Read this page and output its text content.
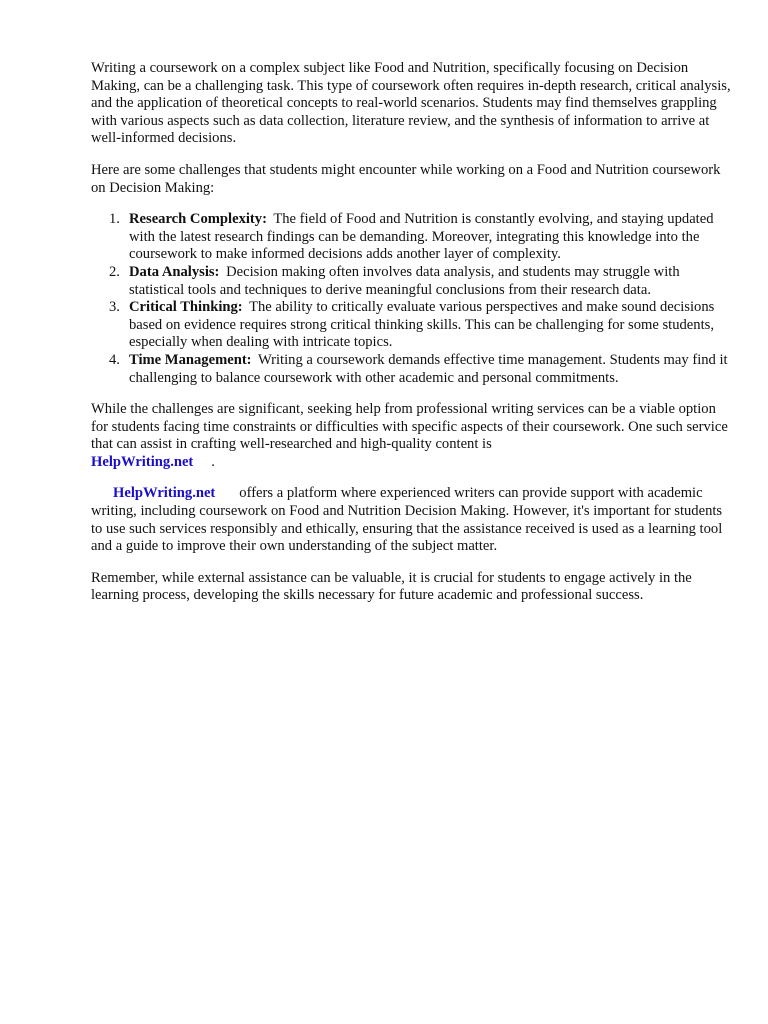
Writing a coursework on a complex subject like Food and Nutrition, specifically focusing on Decision Making, can be a challenging task. This type of coursework often requires in-depth research, critical analysis, and the application of theoretical concepts to real-world scenarios. Students may find themselves grappling with various aspects such as data collection, literature review, and the synthesis of information to arrive at well-informed decisions.

Here are some challenges that students might encounter while working on a Food and Nutrition coursework on Decision Making:

1. Research Complexity: The field of Food and Nutrition is constantly evolving, and staying updated with the latest research findings can be demanding. Moreover, integrating this knowledge into the coursework to make informed decisions adds another layer of complexity.
2. Data Analysis: Decision making often involves data analysis, and students may struggle with statistical tools and techniques to derive meaningful conclusions from their research data.
3. Critical Thinking: The ability to critically evaluate various perspectives and make sound decisions based on evidence requires strong critical thinking skills. This can be challenging for some students, especially when dealing with intricate topics.
4. Time Management: Writing a coursework demands effective time management. Students may find it challenging to balance coursework with other academic and personal commitments.

While the challenges are significant, seeking help from professional writing services can be a viable option for students facing time constraints or difficulties with specific aspects of their coursework. One such service that can assist in crafting well-researched and high-quality content is
HelpWriting.net .

HelpWriting.net offers a platform where experienced writers can provide support with academic writing, including coursework on Food and Nutrition Decision Making. However, it's important for students to use such services responsibly and ethically, ensuring that the assistance received is used as a learning tool and a guide to improve their own understanding of the subject matter.

Remember, while external assistance can be valuable, it is crucial for students to engage actively in the learning process, developing the skills necessary for future academic and professional success.
